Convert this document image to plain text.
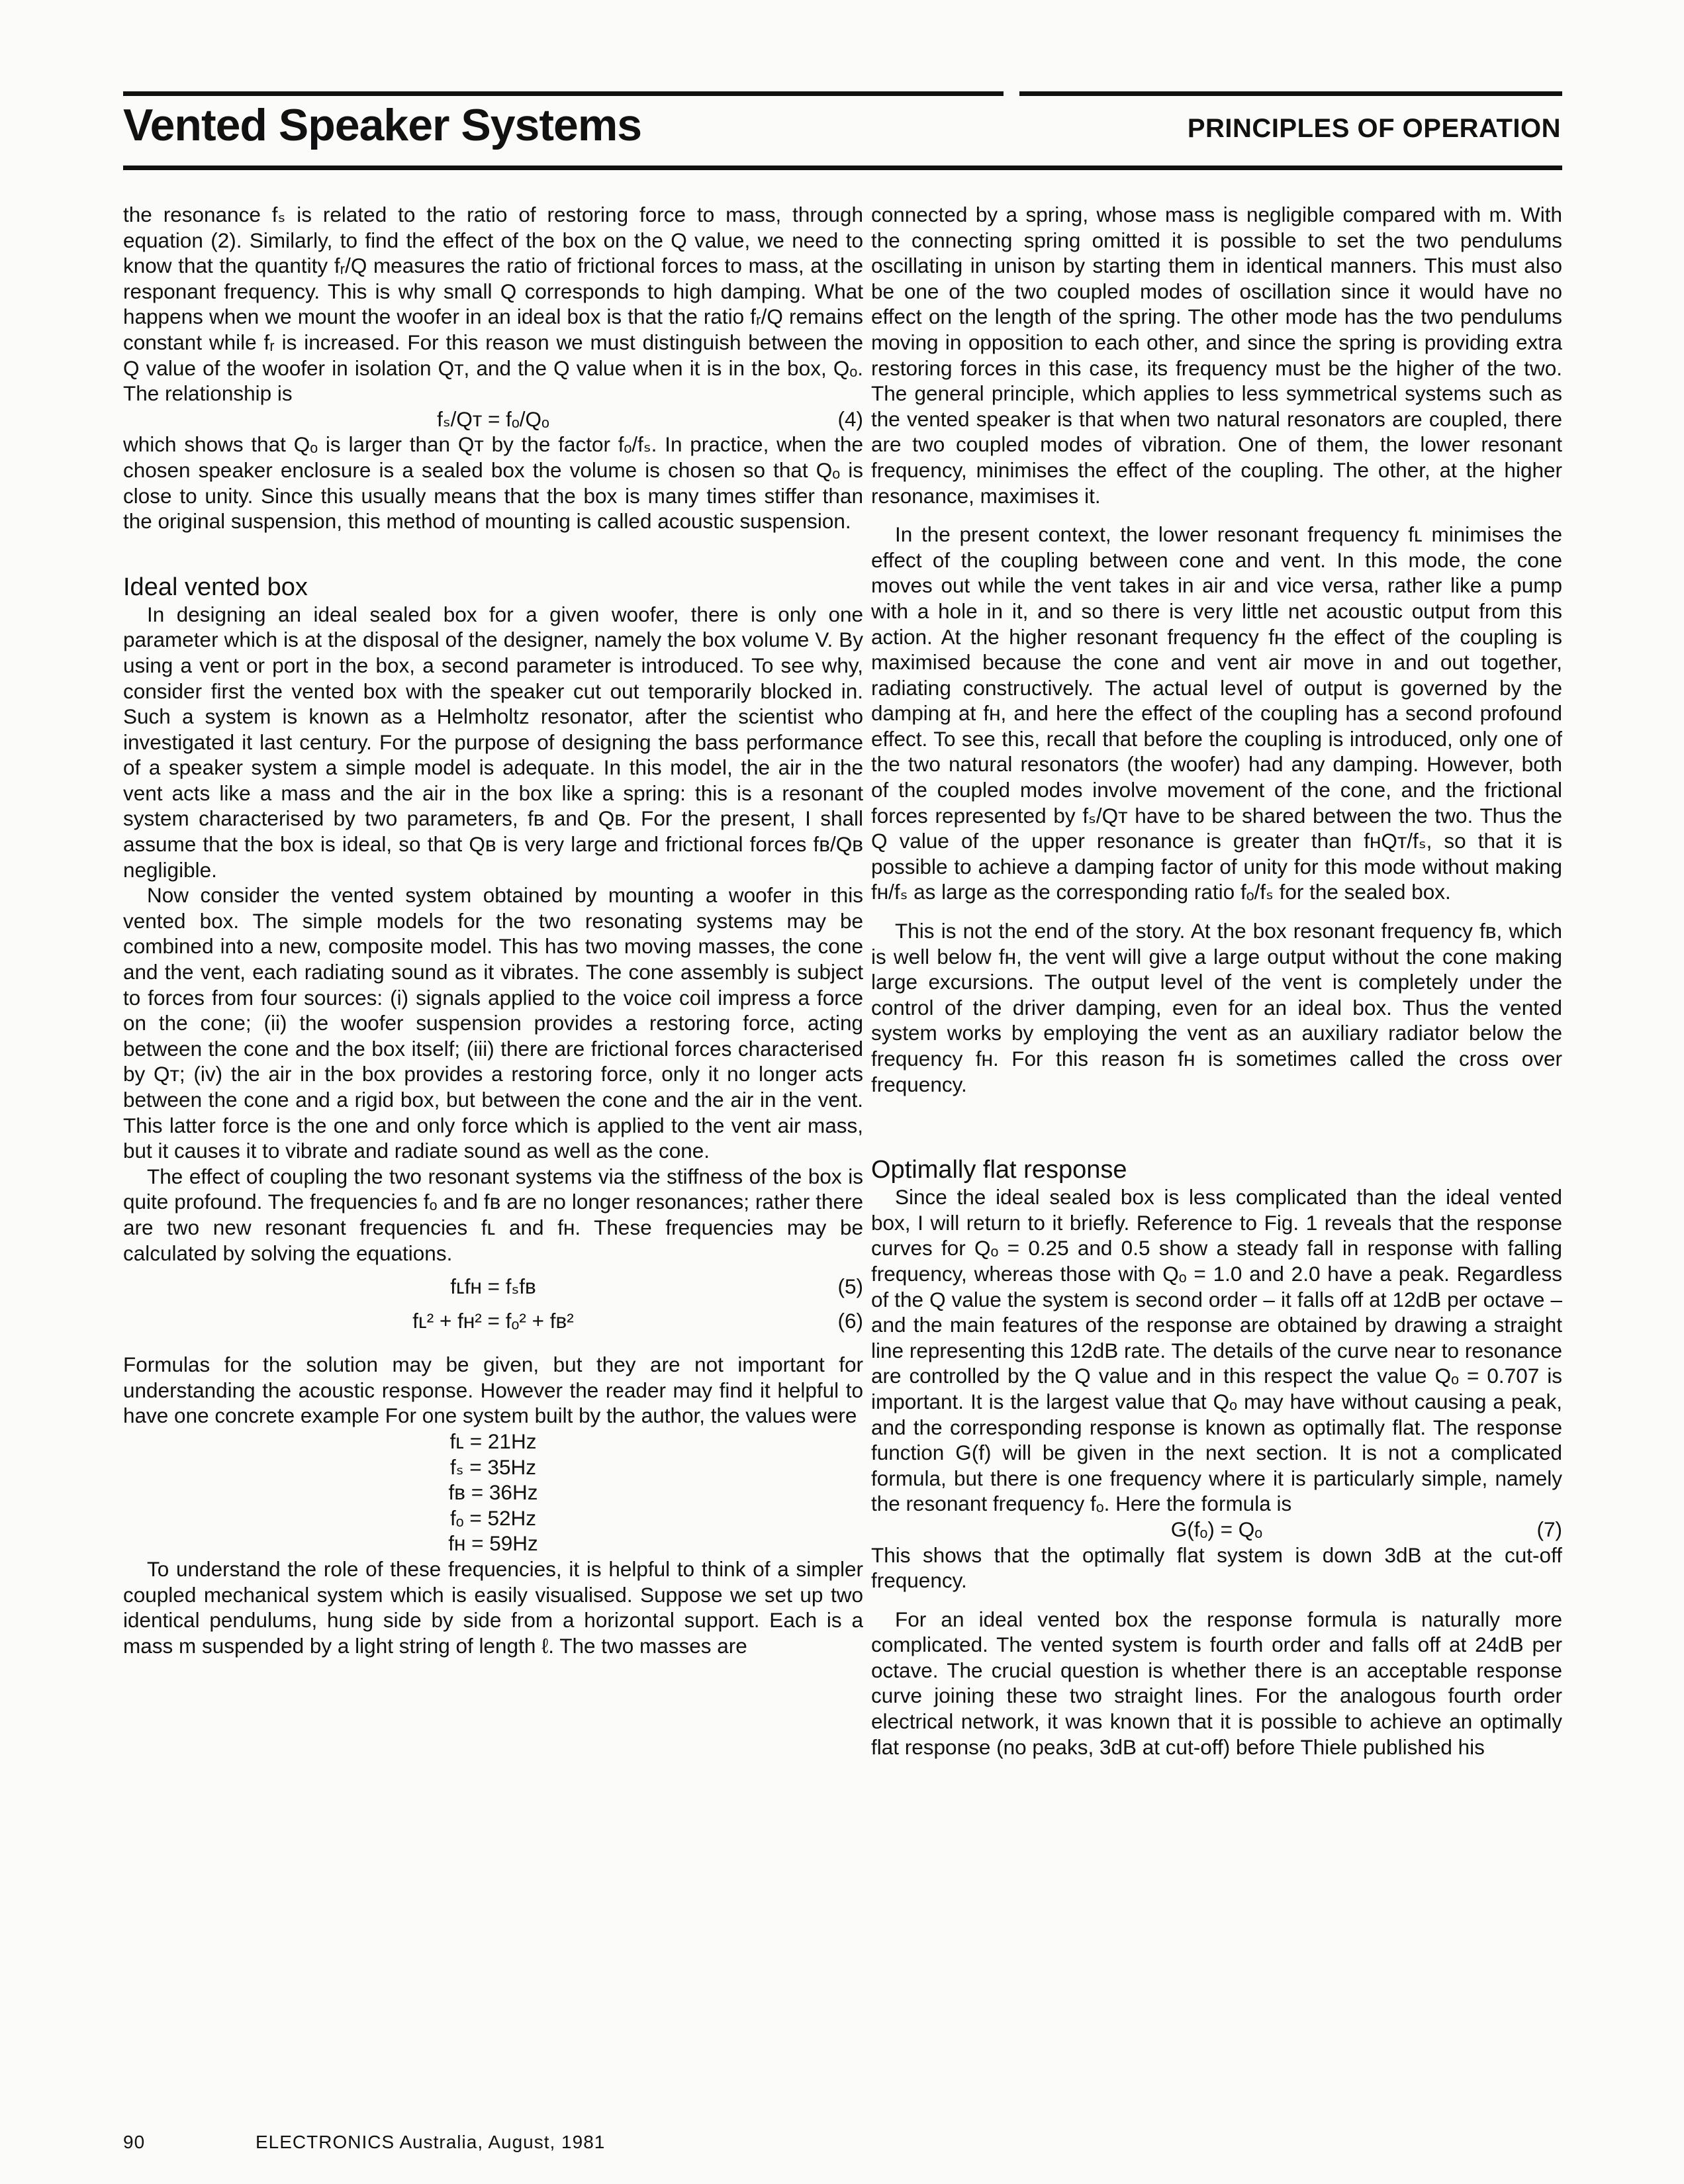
Vented Speaker Systems	PRINCIPLES OF OPERATION

the resonance fₛ is related to the ratio of restoring force to mass, through equation (2). Similarly, to find the effect of the box on the Q value, we need to know that the quantity fᵣ/Q measures the ratio of frictional forces to mass, at the responant frequency. This is why small Q corresponds to high damping. What happens when we mount the woofer in an ideal box is that the ratio fᵣ/Q remains constant while fᵣ is increased. For this reason we must distinguish between the Q value of the woofer in isolation Qᴛ, and the Q value when it is in the box, Qₒ. The relationship is

fₛ/Qᴛ = fₒ/Qₒ	(4)

which shows that Qₒ is larger than Qᴛ by the factor fₒ/fₛ. In practice, when the chosen speaker enclosure is a sealed box the volume is chosen so that Qₒ is close to unity. Since this usually means that the box is many times stiffer than the original suspension, this method of mounting is called acoustic suspension.

Ideal vented box

In designing an ideal sealed box for a given woofer, there is only one parameter which is at the disposal of the designer, namely the box volume V. By using a vent or port in the box, a second parameter is introduced. To see why, consider first the vented box with the speaker cut out temporarily blocked in. Such a system is known as a Helmholtz resonator, after the scientist who investigated it last century. For the purpose of designing the bass performance of a speaker system a simple model is adequate. In this model, the air in the vent acts like a mass and the air in the box like a spring: this is a resonant system characterised by two parameters, fʙ and Qʙ. For the present, I shall assume that the box is ideal, so that Qʙ is very large and frictional forces fʙ/Qʙ negligible.

Now consider the vented system obtained by mounting a woofer in this vented box. The simple models for the two resonating systems may be combined into a new, composite model. This has two moving masses, the cone and the vent, each radiating sound as it vibrates. The cone assembly is subject to forces from four sources: (i) signals applied to the voice coil impress a force on the cone; (ii) the woofer suspension provides a restoring force, acting between the cone and the box itself; (iii) there are frictional forces characterised by Qᴛ; (iv) the air in the box provides a restoring force, only it no longer acts between the cone and a rigid box, but between the cone and the air in the vent. This latter force is the one and only force which is applied to the vent air mass, but it causes it to vibrate and radiate sound as well as the cone.

The effect of coupling the two resonant systems via the stiffness of the box is quite profound. The frequencies fₒ and fʙ are no longer resonances; rather there are two new resonant frequencies fʟ and fʜ. These frequencies may be calculated by solving the equations.

fʟfʜ = fₛfʙ	(5)
fʟ² + fʜ² = fₒ² + fʙ²	(6)

Formulas for the solution may be given, but they are not important for understanding the acoustic response. However the reader may find it helpful to have one concrete example For one system built by the author, the values were

fʟ = 21Hz
fₛ = 35Hz
fʙ = 36Hz
fₒ = 52Hz
fʜ = 59Hz

To understand the role of these frequencies, it is helpful to think of a simpler coupled mechanical system which is easily visualised. Suppose we set up two identical pendulums, hung side by side from a horizontal support. Each is a mass m suspended by a light string of length ℓ. The two masses are

connected by a spring, whose mass is negligible compared with m. With the connecting spring omitted it is possible to set the two pendulums oscillating in unison by starting them in identical manners. This must also be one of the two coupled modes of oscillation since it would have no effect on the length of the spring. The other mode has the two pendulums moving in opposition to each other, and since the spring is providing extra restoring forces in this case, its frequency must be the higher of the two. The general principle, which applies to less symmetrical systems such as the vented speaker is that when two natural resonators are coupled, there are two coupled modes of vibration. One of them, the lower resonant frequency, minimises the effect of the coupling. The other, at the higher resonance, maximises it.

In the present context, the lower resonant frequency fʟ minimises the effect of the coupling between cone and vent. In this mode, the cone moves out while the vent takes in air and vice versa, rather like a pump with a hole in it, and so there is very little net acoustic output from this action. At the higher resonant frequency fʜ the effect of the coupling is maximised because the cone and vent air move in and out together, radiating constructively. The actual level of output is governed by the damping at fʜ, and here the effect of the coupling has a second profound effect. To see this, recall that before the coupling is introduced, only one of the two natural resonators (the woofer) had any damping. However, both of the coupled modes involve movement of the cone, and the frictional forces represented by fₛ/Qᴛ have to be shared between the two. Thus the Q value of the upper resonance is greater than fʜQᴛ/fₛ, so that it is possible to achieve a damping factor of unity for this mode without making fʜ/fₛ as large as the corresponding ratio fₒ/fₛ for the sealed box.

This is not the end of the story. At the box resonant frequency fʙ, which is well below fʜ, the vent will give a large output without the cone making large excursions. The output level of the vent is completely under the control of the driver damping, even for an ideal box. Thus the vented system works by employing the vent as an auxiliary radiator below the frequency fʜ. For this reason fʜ is sometimes called the cross over frequency.

Optimally flat response

Since the ideal sealed box is less complicated than the ideal vented box, I will return to it briefly. Reference to Fig. 1 reveals that the response curves for Qₒ = 0.25 and 0.5 show a steady fall in response with falling frequency, whereas those with Qₒ = 1.0 and 2.0 have a peak. Regardless of the Q value the system is second order – it falls off at 12dB per octave – and the main features of the response are obtained by drawing a straight line representing this 12dB rate. The details of the curve near to resonance are controlled by the Q value and in this respect the value Qₒ = 0.707 is important. It is the largest value that Qₒ may have without causing a peak, and the corresponding response is known as optimally flat. The response function G(f) will be given in the next section. It is not a complicated formula, but there is one frequency where it is particularly simple, namely the resonant frequency fₒ. Here the formula is

G(fₒ) = Qₒ	(7)

This shows that the optimally flat system is down 3dB at the cut-off frequency.

For an ideal vented box the response formula is naturally more complicated. The vented system is fourth order and falls off at 24dB per octave. The crucial question is whether there is an acceptable response curve joining these two straight lines. For the analogous fourth order electrical network, it was known that it is possible to achieve an optimally flat response (no peaks, 3dB at cut-off) before Thiele published his

90	ELECTRONICS Australia, August, 1981
